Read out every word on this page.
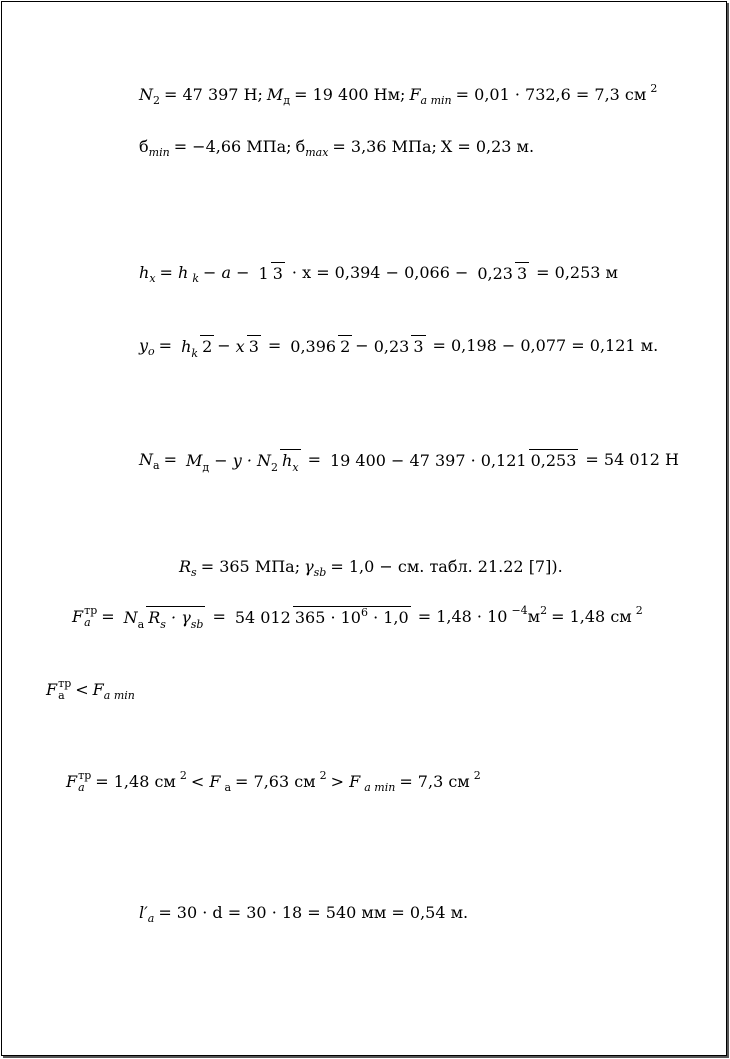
N 2 = 47 397 H; M д = 19 400 Нм; F a min = 0,01 · 732,6 = 7,3 см 2
б min = −4,66 МПа; б max = 3,36 МПа; X = 0,23 м.
h x = h k − a − 1 3 · x = 0,394 − 0,066 − 0,23 3 = 0,253 м
y o = hk 2 − x 3 = 0,396 2 − 0,23 3 = 0,198 − 0,077 = 0,121 м.
N a = Mд − y · N2 hx = 19 400 − 47 397 · 0,121 0,253 = 54 012 H
R s = 365 МПа; γ sb = 1,0 − см. табл. 21.22 [7]).
F тр
a = Na Rs · γsb = 54 012 365 · 106 · 1,0 = 1,48 · 10 −4 м 2 = 1,48 см 2
F тр
a < F a min
F тр
a = 1,48 см 2 < F a = 7,63 см 2 > F a min = 7,3 см 2
l′ a = 30 · d = 30 · 18 = 540 мм = 0,54 м.
